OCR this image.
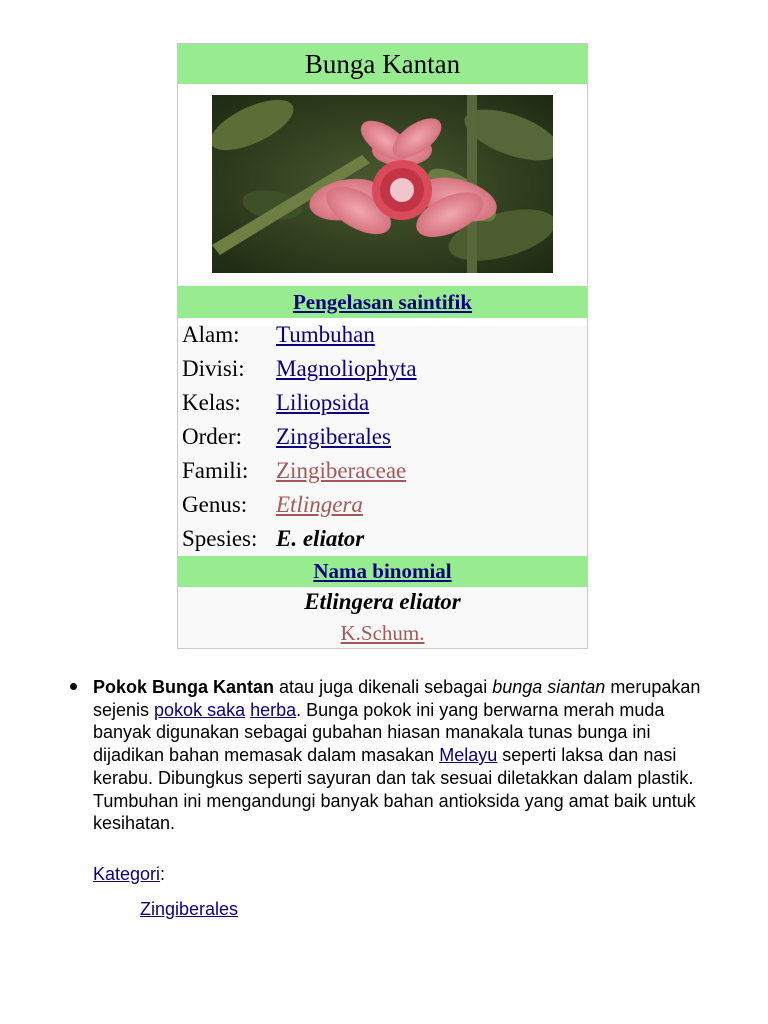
Bunga Kantan
Pengelasan saintifik
Alam: Tumbuhan
Divisi: Magnoliophyta
Kelas: Liliopsida
Order: Zingiberales
Famili: Zingiberaceae
Genus: Etlingera
Spesies: E. eliator
Nama binomial
Etlingera eliator
K.Schum.
Pokok Bunga Kantan atau juga dikenali sebagai bunga siantan merupakan sejenis pokok saka herba. Bunga pokok ini yang berwarna merah muda banyak digunakan sebagai gubahan hiasan manakala tunas bunga ini dijadikan bahan memasak dalam masakan Melayu seperti laksa dan nasi kerabu. Dibungkus seperti sayuran dan tak sesuai diletakkan dalam plastik. Tumbuhan ini mengandungi banyak bahan antioksida yang amat baik untuk kesihatan.
Kategori:
Zingiberales
